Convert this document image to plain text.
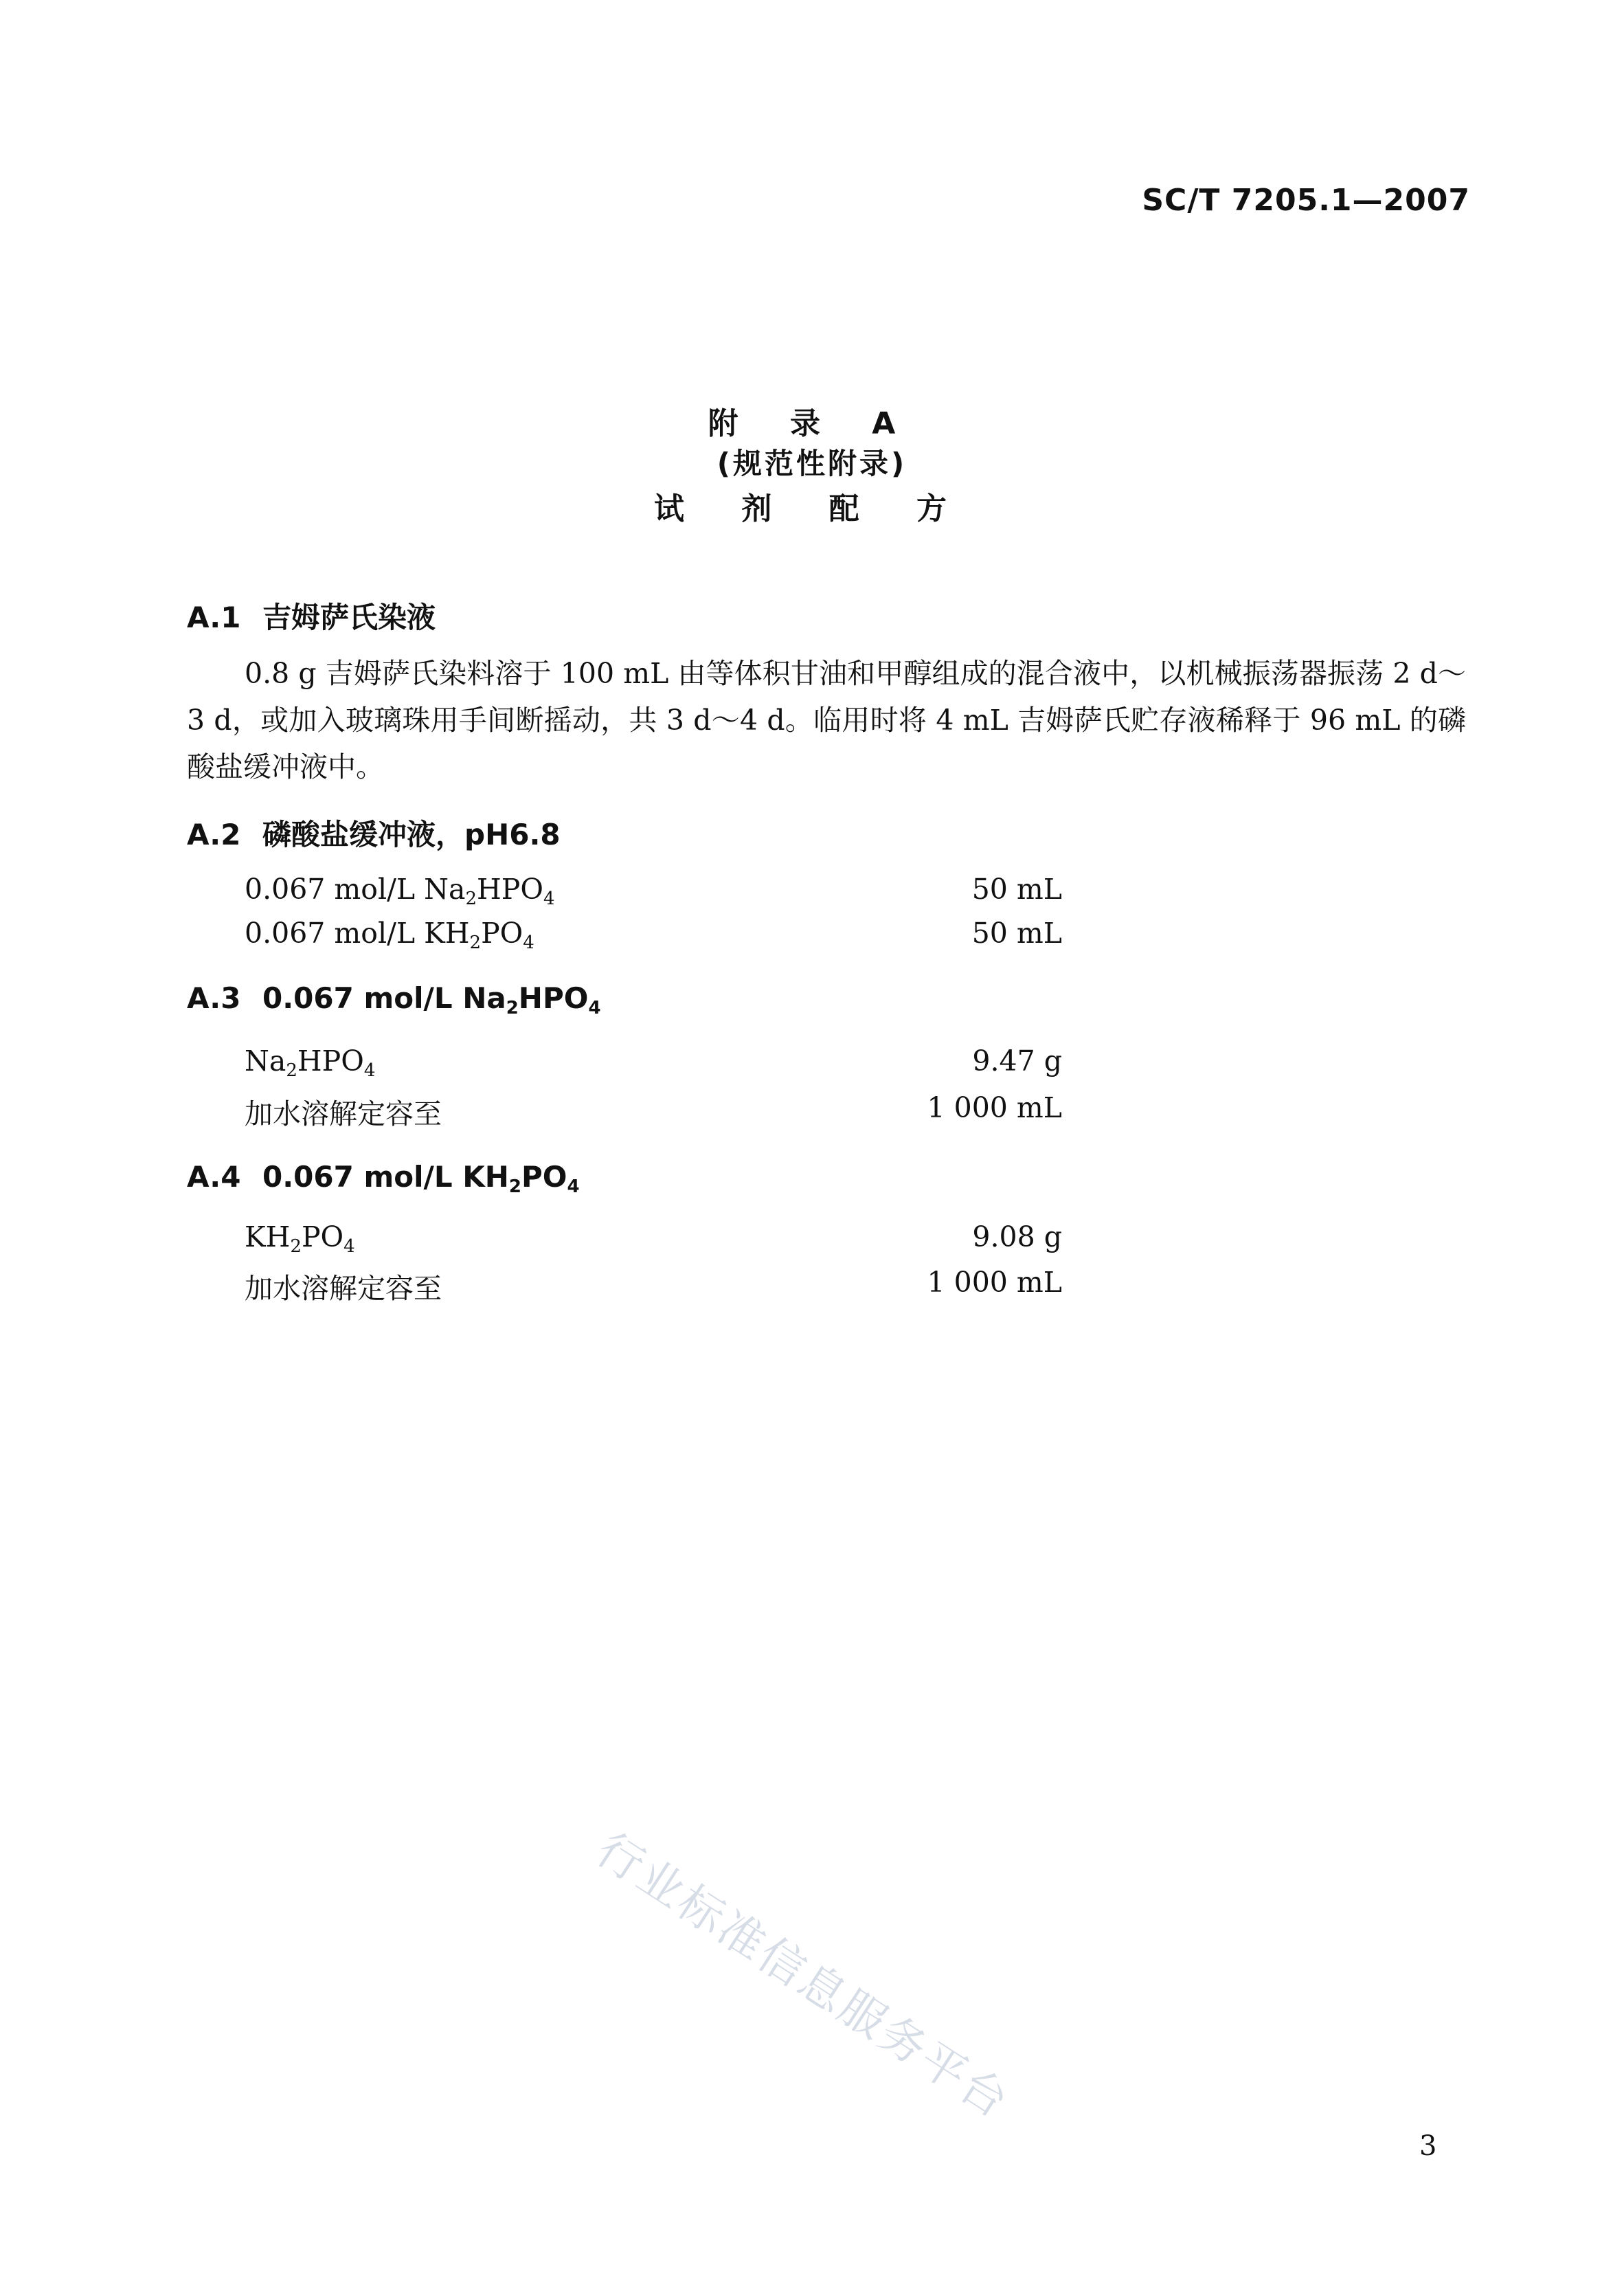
SC/T 7205.1—2007
附 录 A
(规范性附录)
试 剂 配 方
A.1 吉姆萨氏染液

0.8 g 吉姆萨氏染料溶于 100 mL 由等体积甘油和甲醇组成的混合液中，以机械振荡器振荡 2 d～3 d，或加入玻璃珠用手间断摇动，共 3 d～4 d。临用时将 4 mL 吉姆萨氏贮存液稀释于 96 mL 的磷酸盐缓冲液中。

A.2 磷酸盐缓冲液，pH6.8
0.067 mol/L $Na_2HPO_4$	50 mL
0.067 mol/L $KH_2PO_4$	50 mL
A.3 0.067 mol/L $Na_2HPO_4$
$Na_2HPO_4$	9.47 g
加水溶解定容至	1 000 mL
A.4 0.067 mol/L $KH_2PO_4$
$KH_2PO_4$	9.08 g
加水溶解定容至	1 000 mL
行业标准信息服务平台
3
